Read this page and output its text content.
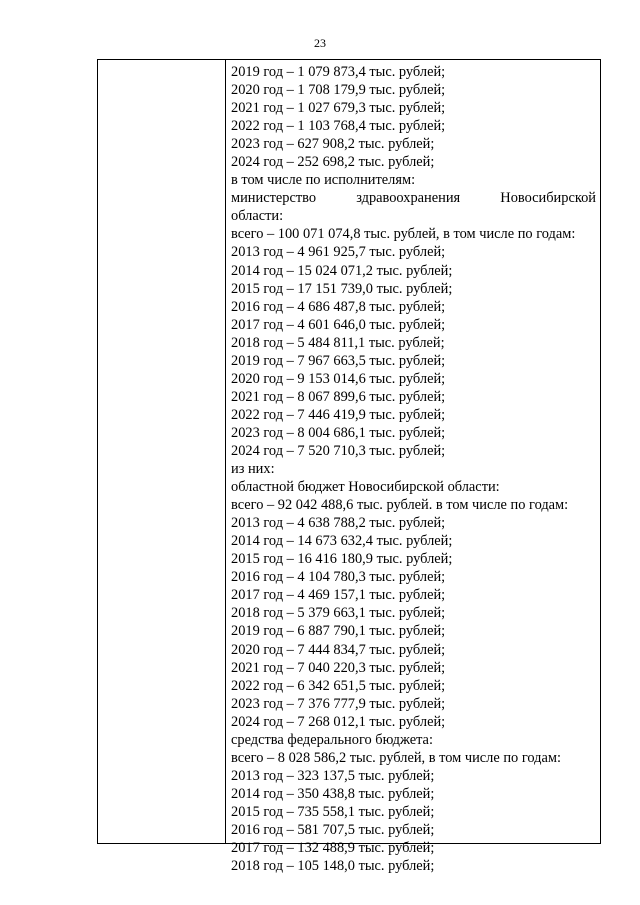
23
2019 год – 1 079 873,4 тыс. рублей;
2020 год – 1 708 179,9 тыс. рублей;
2021 год – 1 027 679,3 тыс. рублей;
2022 год – 1 103 768,4 тыс. рублей;
2023 год – 627 908,2 тыс. рублей;
2024 год – 252 698,2 тыс. рублей;
в том числе по исполнителям:
министерство здравоохранения Новосибирской
области:
всего – 100 071 074,8 тыс. рублей, в том числе по годам:
2013 год – 4 961 925,7 тыс. рублей;
2014 год – 15 024 071,2 тыс. рублей;
2015 год – 17 151 739,0 тыс. рублей;
2016 год – 4 686 487,8 тыс. рублей;
2017 год – 4 601 646,0 тыс. рублей;
2018 год – 5 484 811,1 тыс. рублей;
2019 год – 7 967 663,5 тыс. рублей;
2020 год – 9 153 014,6 тыс. рублей;
2021 год – 8 067 899,6 тыс. рублей;
2022 год – 7 446 419,9 тыс. рублей;
2023 год – 8 004 686,1 тыс. рублей;
2024 год – 7 520 710,3 тыс. рублей;
из них:
областной бюджет Новосибирской области:
всего – 92 042 488,6 тыс. рублей. в том числе по годам:
2013 год – 4 638 788,2 тыс. рублей;
2014 год – 14 673 632,4 тыс. рублей;
2015 год – 16 416 180,9 тыс. рублей;
2016 год – 4 104 780,3 тыс. рублей;
2017 год – 4 469 157,1 тыс. рублей;
2018 год – 5 379 663,1 тыс. рублей;
2019 год – 6 887 790,1 тыс. рублей;
2020 год – 7 444 834,7 тыс. рублей;
2021 год – 7 040 220,3 тыс. рублей;
2022 год – 6 342 651,5 тыс. рублей;
2023 год – 7 376 777,9 тыс. рублей;
2024 год – 7 268 012,1 тыс. рублей;
средства федерального бюджета:
всего – 8 028 586,2 тыс. рублей, в том числе по годам:
2013 год – 323 137,5 тыс. рублей;
2014 год – 350 438,8 тыс. рублей;
2015 год – 735 558,1 тыс. рублей;
2016 год – 581 707,5 тыс. рублей;
2017 год – 132 488,9 тыс. рублей;
2018 год – 105 148,0 тыс. рублей;
